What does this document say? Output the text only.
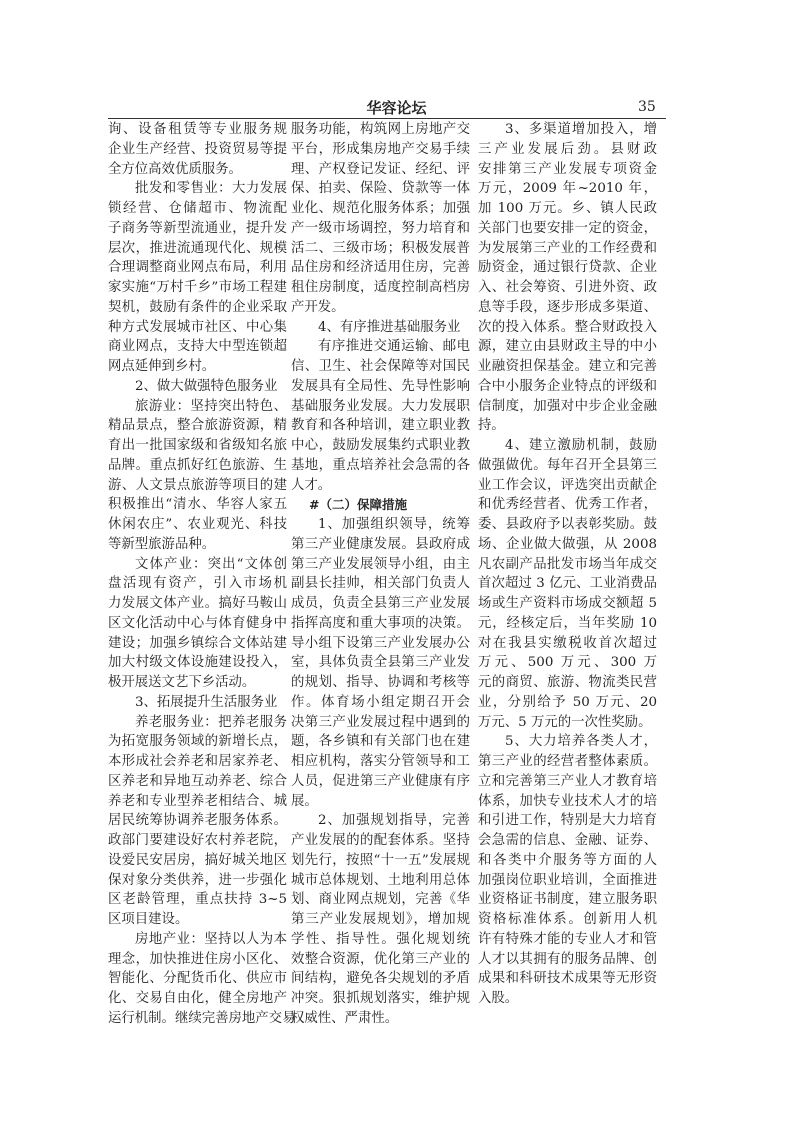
华容论坛	35
询、设备租赁等专业服务规
企业生产经营、投资贸易等提
全方位高效优质服务。
批发和零售业：大力发展
锁经营、仓储超市、物流配
子商务等新型流通业，提升发
层次，推进流通现代化、规模
合理调整商业网点布局，利用
家实施“万村千乡”市场工程建
契机，鼓励有条件的企业采取
种方式发展城市社区、中心集
商业网点，支持大中型连锁超
网点延伸到乡村。
2、做大做强特色服务业
旅游业：坚持突出特色、
精品景点，整合旅游资源，精
育出一批国家级和省级知名旅
品牌。重点抓好红色旅游、生
游、人文景点旅游等项目的建
积极推出“清水、华容人家五
休闲农庄”、农业观光、科技
等新型旅游品种。
文体产业：突出“文体创
盘活现有资产，引入市场机
力发展文体产业。搞好马鞍山
区文化活动中心与体育健身中
建设；加强乡镇综合文体站建
加大村级文体设施建设投入，
极开展送文艺下乡活动。
3、拓展提升生活服务业
养老服务业：把养老服务
为拓宽服务领域的新增长点，
本形成社会养老和居家养老、
区养老和异地互动养老、综合
养老和专业型养老相结合、城
居民统筹协调养老服务体系。
政部门要建设好农村养老院，
设爱民安居房，搞好城关地区
保对象分类供养，进一步强化
区老龄管理，重点扶持 3~5
区项目建设。
房地产业：坚持以人为本
理念，加快推进住房小区化、
智能化、分配货币化、供应市
化、交易自由化，健全房地产
运行机制。继续完善房地产交易
服务功能，构筑网上房地产交
平台，形成集房地产交易手续
理、产权登记发证、经纪、评
保、拍卖、保险、贷款等一体
业化、规范化服务体系；加强
产一级市场调控，努力培育和
活二、三级市场；积极发展普
品住房和经济适用住房，完善
租住房制度，适度控制高档房
产开发。
4、有序推进基础服务业
有序推进交通运输、邮电
信、卫生、社会保障等对国民
发展具有全局性、先导性影响
基础服务业发展。大力发展职
教育和各种培训，建立职业教
中心，鼓励发展集约式职业教
基地，重点培养社会急需的各
人才。
#（二）保障措施
1、加强组织领导，统筹
第三产业健康发展。县政府成
第三产业发展领导小组，由主
副县长挂帅，相关部门负责人
成员，负责全县第三产业发展
指挥高度和重大事项的决策。
导小组下设第三产业发展办公
室，具体负责全县第三产业发
的规划、指导、协调和考核等
作。体育场小组定期召开会
决第三产业发展过程中遇到的
题，各乡镇和有关部门也在建
相应机构，落实分管领导和工
人员，促进第三产业健康有序
展。
2、加强规划指导，完善
产业发展的的配套体系。坚持
划先行，按照“十一五”发展规
城市总体规划、土地利用总体
划、商业网点规划，完善《华
第三产业发展规划》，增加规
学性、指导性。强化规划统
效整合资源，优化第三产业的
间结构，避免各尖规划的矛盾
冲突。狠抓规划落实，维护规
权威性、严肃性。
3、多渠道增加投入，增
三产业发展后劲。县财政
安排第三产业发展专项资金
万元，2009 年~2010 年，
加 100 万元。乡、镇人民政
关部门也要安排一定的资金，
为发展第三产业的工作经费和
励资金，通过银行贷款、企业
入、社会筹资、引进外资、政
息等手段，逐步形成多渠道、
次的投入体系。整合财政投入
源，建立由县财政主导的中小
业融资担保基金。建立和完善
合中小服务企业特点的评级和
信制度，加强对中步企业金融
持。
4、建立激励机制，鼓励
做强做优。每年召开全县第三
业工作会议，评选突出贡献企
和优秀经营者、优秀工作者，
委、县政府予以表彰奖励。鼓
场、企业做大做强，从 2008
凡农副产品批发市场当年成交
首次超过 3 亿元、工业消费品
场或生产资料市场成交额超 5
元，经核定后，当年奖励 10
对在我县实缴税收首次超过
万元、500 万元、300 万
元的商贸、旅游、物流类民营
业，分别给予 50 万元、20
万元、5 万元的一次性奖励。
5、大力培养各类人才，
第三产业的经营者整体素质。
立和完善第三产业人才教育培
体系，加快专业技术人才的培
和引进工作，特别是大力培育
会急需的信息、金融、证券、
和各类中介服务等方面的人
加强岗位职业培训，全面推进
业资格证书制度，建立服务职
资格标准体系。创新用人机
许有特殊才能的专业人才和管
人才以其拥有的服务品牌、创
成果和科研技术成果等无形资
入股。
